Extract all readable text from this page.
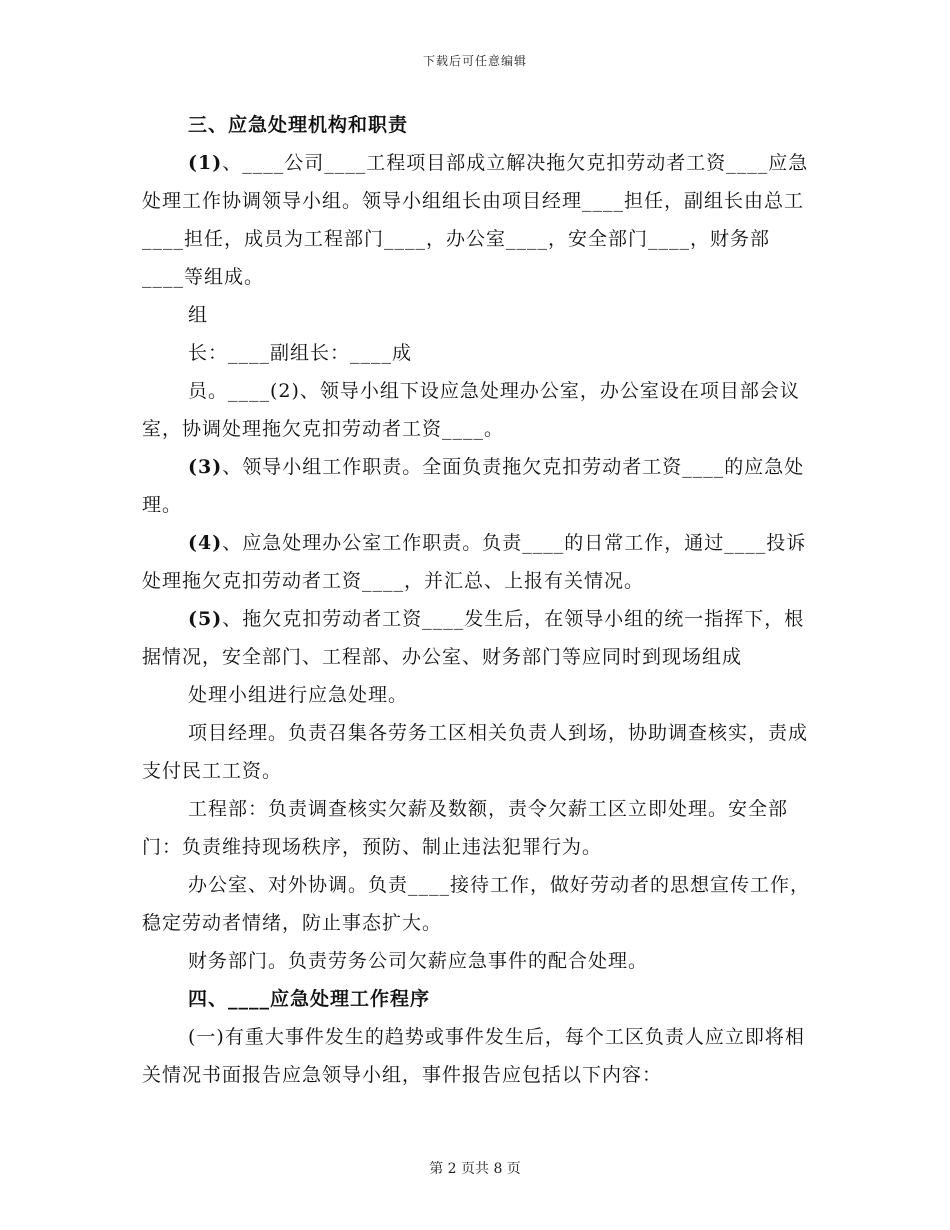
下载后可任意编辑

三、应急处理机构和职责

(1)、____公司____工程项目部成立解决拖欠克扣劳动者工资____应急处理工作协调领导小组。领导小组组长由项目经理____担任，副组长由总工____担任，成员为工程部门____，办公室____，安全部门____，财务部____等组成。

组

长：____副组长：____成

员。____(2)、领导小组下设应急处理办公室，办公室设在项目部会议室，协调处理拖欠克扣劳动者工资____。

(3)、领导小组工作职责。全面负责拖欠克扣劳动者工资____的应急处理。

(4)、应急处理办公室工作职责。负责____的日常工作，通过____投诉处理拖欠克扣劳动者工资____，并汇总、上报有关情况。

(5)、拖欠克扣劳动者工资____发生后，在领导小组的统一指挥下，根据情况，安全部门、工程部、办公室、财务部门等应同时到现场组成

处理小组进行应急处理。

项目经理。负责召集各劳务工区相关负责人到场，协助调查核实，责成支付民工工资。

工程部：负责调查核实欠薪及数额，责令欠薪工区立即处理。安全部门：负责维持现场秩序，预防、制止违法犯罪行为。

办公室、对外协调。负责____接待工作，做好劳动者的思想宣传工作，稳定劳动者情绪，防止事态扩大。

财务部门。负责劳务公司欠薪应急事件的配合处理。

四、____应急处理工作程序

(一)有重大事件发生的趋势或事件发生后，每个工区负责人应立即将相关情况书面报告应急领导小组，事件报告应包括以下内容：

第 2 页共 8 页
